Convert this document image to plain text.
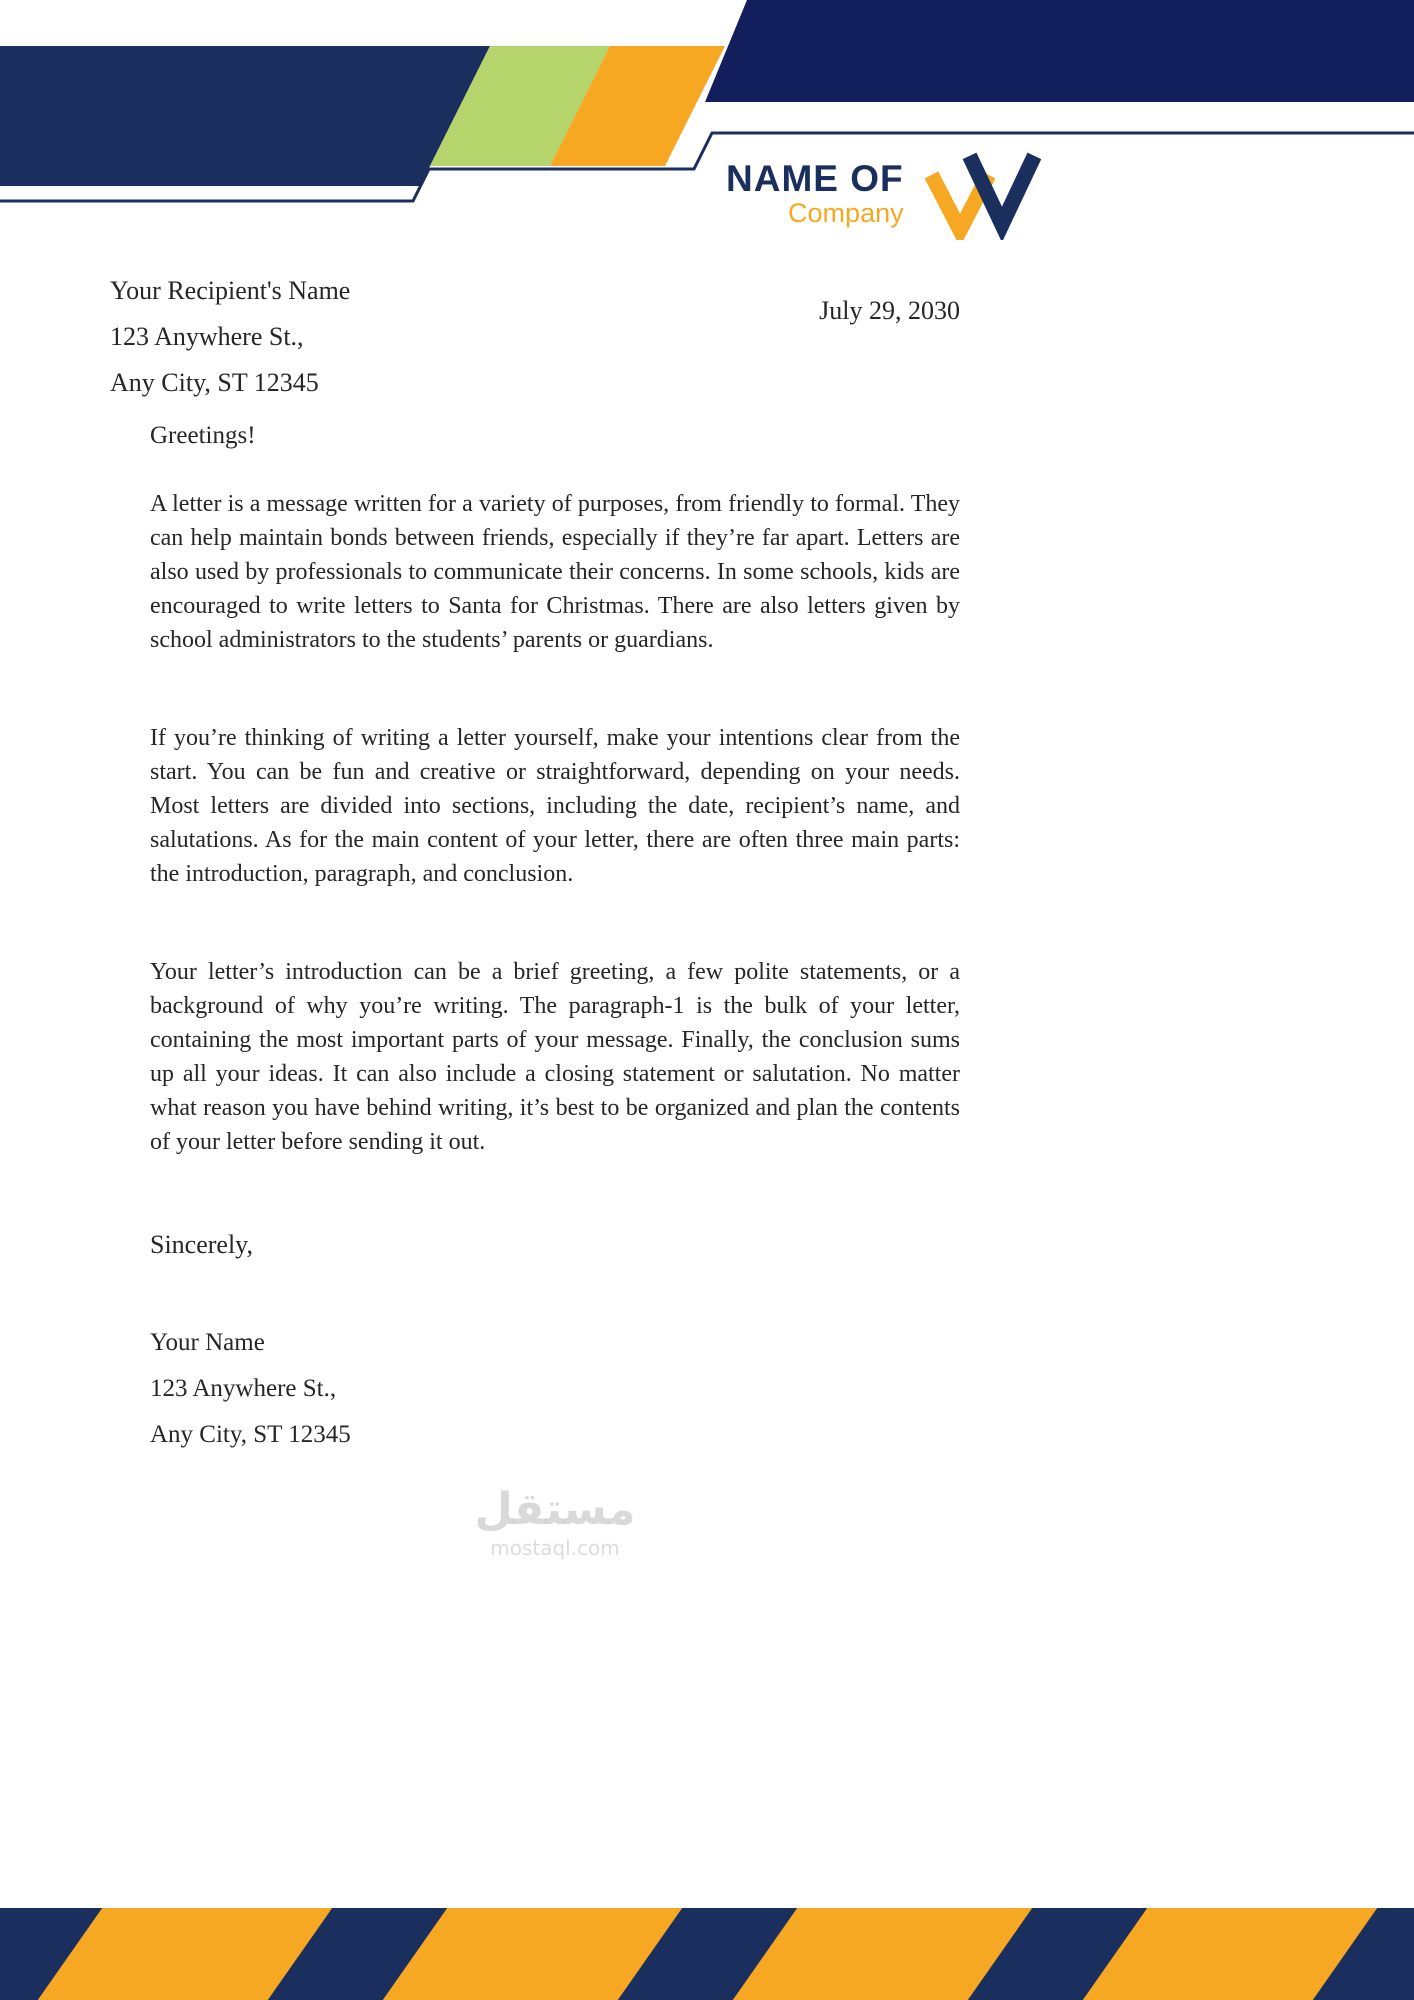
NAME OF
Company
Your Recipient's Name
123 Anywhere St.,
Any City, ST 12345
July 29, 2030
Greetings!
A letter is a message written for a variety of purposes, from friendly to formal. They can help maintain bonds between friends, especially if they’re far apart. Letters are also used by professionals to communicate their concerns. In some schools, kids are encouraged to write letters to Santa for Christmas. There are also letters given by school administrators to the students’ parents or guardians.
If you’re thinking of writing a letter yourself, make your intentions clear from the start. You can be fun and creative or straightforward, depending on your needs. Most letters are divided into sections, including the date, recipient’s name, and salutations. As for the main content of your letter, there are often three main parts: the introduction, paragraph, and conclusion.
Your letter’s introduction can be a brief greeting, a few polite statements, or a background of why you’re writing. The paragraph-1 is the bulk of your letter, containing the most important parts of your message. Finally, the conclusion sums up all your ideas. It can also include a closing statement or salutation. No matter what reason you have behind writing, it’s best to be organized and plan the contents of your letter before sending it out.
Sincerely,
Your Name
123 Anywhere St.,
Any City, ST 12345
مستقل
mostaql.com
